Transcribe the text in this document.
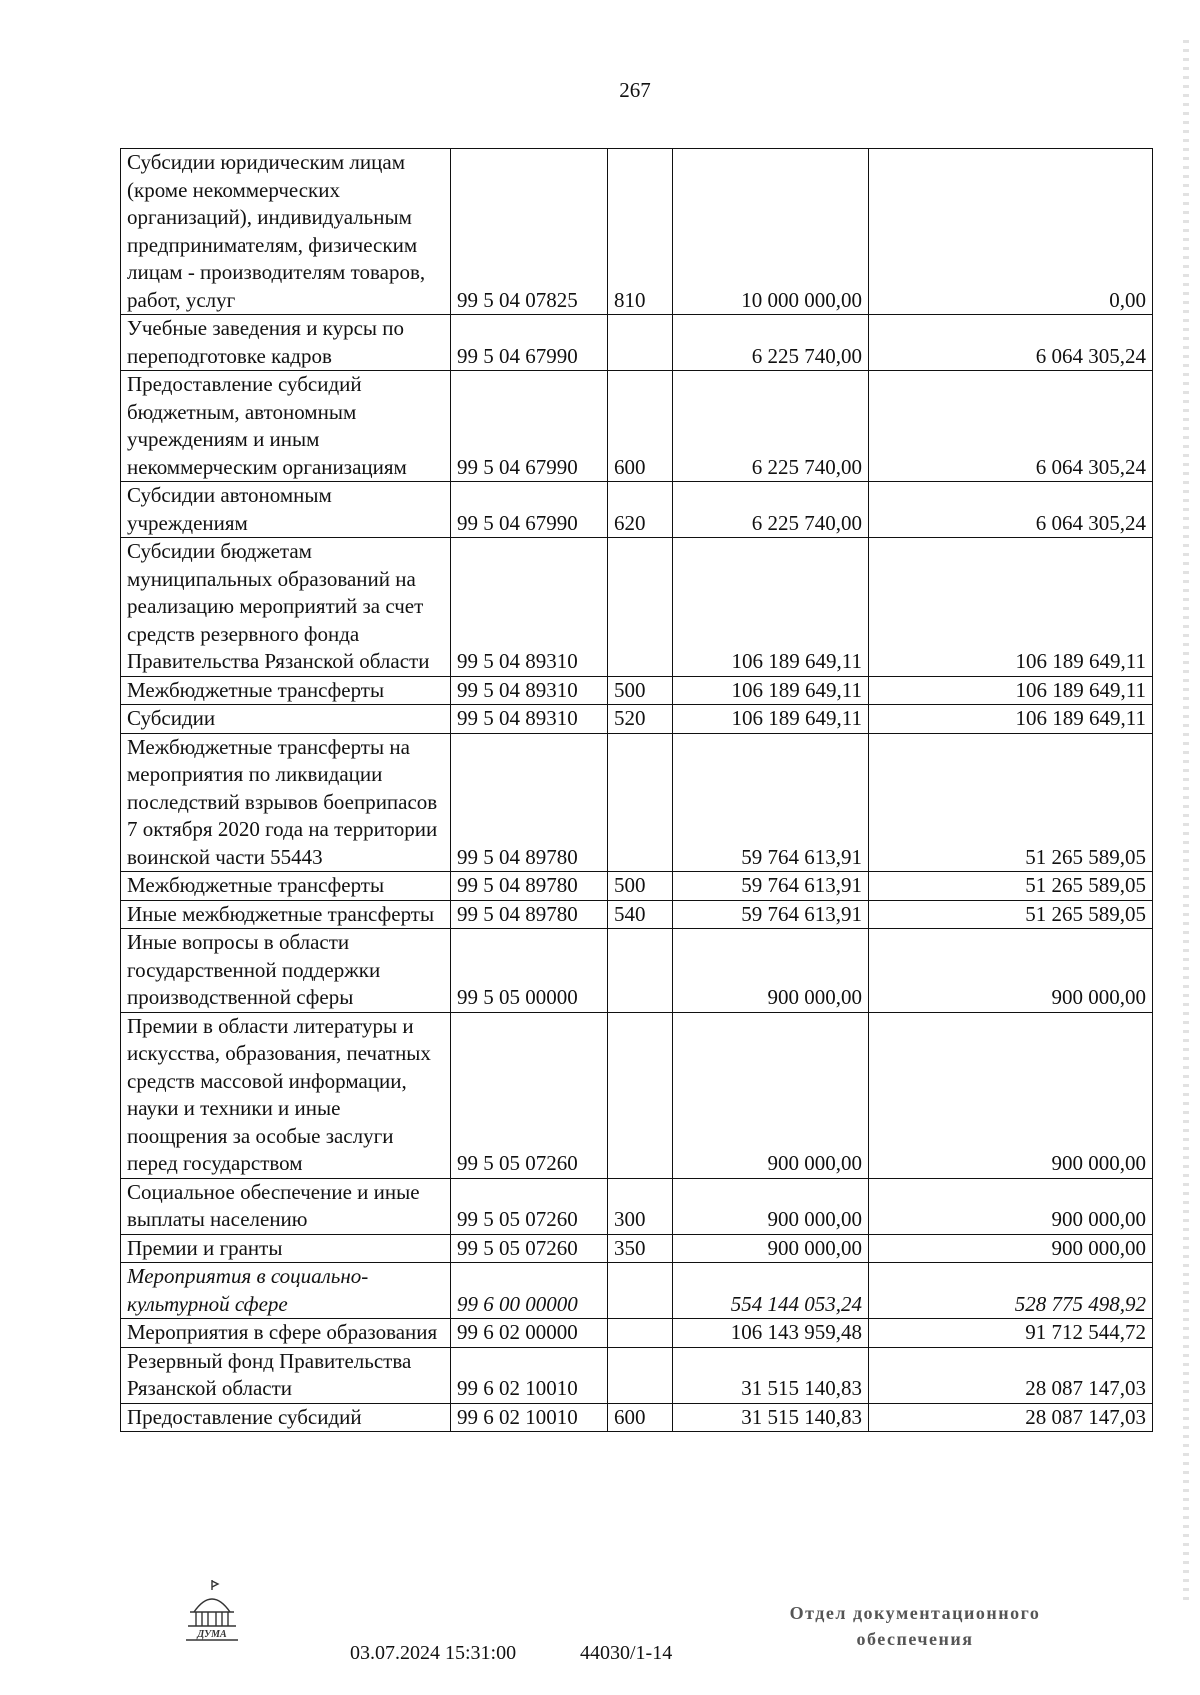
267
Субсидии юридическим лицам (кроме некоммерческих организаций), индивидуальным предпринимателям, физическим лицам - производителям товаров, работ, услуг	99 5 04 07825	810	10 000 000,00	0,00
Учебные заведения и курсы по переподготовке кадров	99 5 04 67990		6 225 740,00	6 064 305,24
Предоставление субсидий бюджетным, автономным учреждениям и иным некоммерческим организациям	99 5 04 67990	600	6 225 740,00	6 064 305,24
Субсидии автономным учреждениям	99 5 04 67990	620	6 225 740,00	6 064 305,24
Субсидии бюджетам муниципальных образований на реализацию мероприятий за счет средств резервного фонда Правительства Рязанской области	99 5 04 89310		106 189 649,11	106 189 649,11
Межбюджетные трансферты	99 5 04 89310	500	106 189 649,11	106 189 649,11
Субсидии	99 5 04 89310	520	106 189 649,11	106 189 649,11
Межбюджетные трансферты на мероприятия по ликвидации последствий взрывов боеприпасов 7 октября 2020 года на территории воинской части 55443	99 5 04 89780		59 764 613,91	51 265 589,05
Межбюджетные трансферты	99 5 04 89780	500	59 764 613,91	51 265 589,05
Иные межбюджетные трансферты	99 5 04 89780	540	59 764 613,91	51 265 589,05
Иные вопросы в области государственной поддержки производственной сферы	99 5 05 00000		900 000,00	900 000,00
Премии в области литературы и искусства, образования, печатных средств массовой информации, науки и техники и иные поощрения за особые заслуги перед государством	99 5 05 07260		900 000,00	900 000,00
Социальное обеспечение и иные выплаты населению	99 5 05 07260	300	900 000,00	900 000,00
Премии и гранты	99 5 05 07260	350	900 000,00	900 000,00
Мероприятия в социально-культурной сфере	99 6 00 00000		554 144 053,24	528 775 498,92
Мероприятия в сфере образования	99 6 02 00000		106 143 959,48	91 712 544,72
Резервный фонд Правительства Рязанской области	99 6 02 10010		31 515 140,83	28 087 147,03
Предоставление субсидий	99 6 02 10010	600	31 515 140,83	28 087 147,03
ДУМА
03.07.2024 15:31:00	44030/1-14
Отдел документационного
обеспечения
